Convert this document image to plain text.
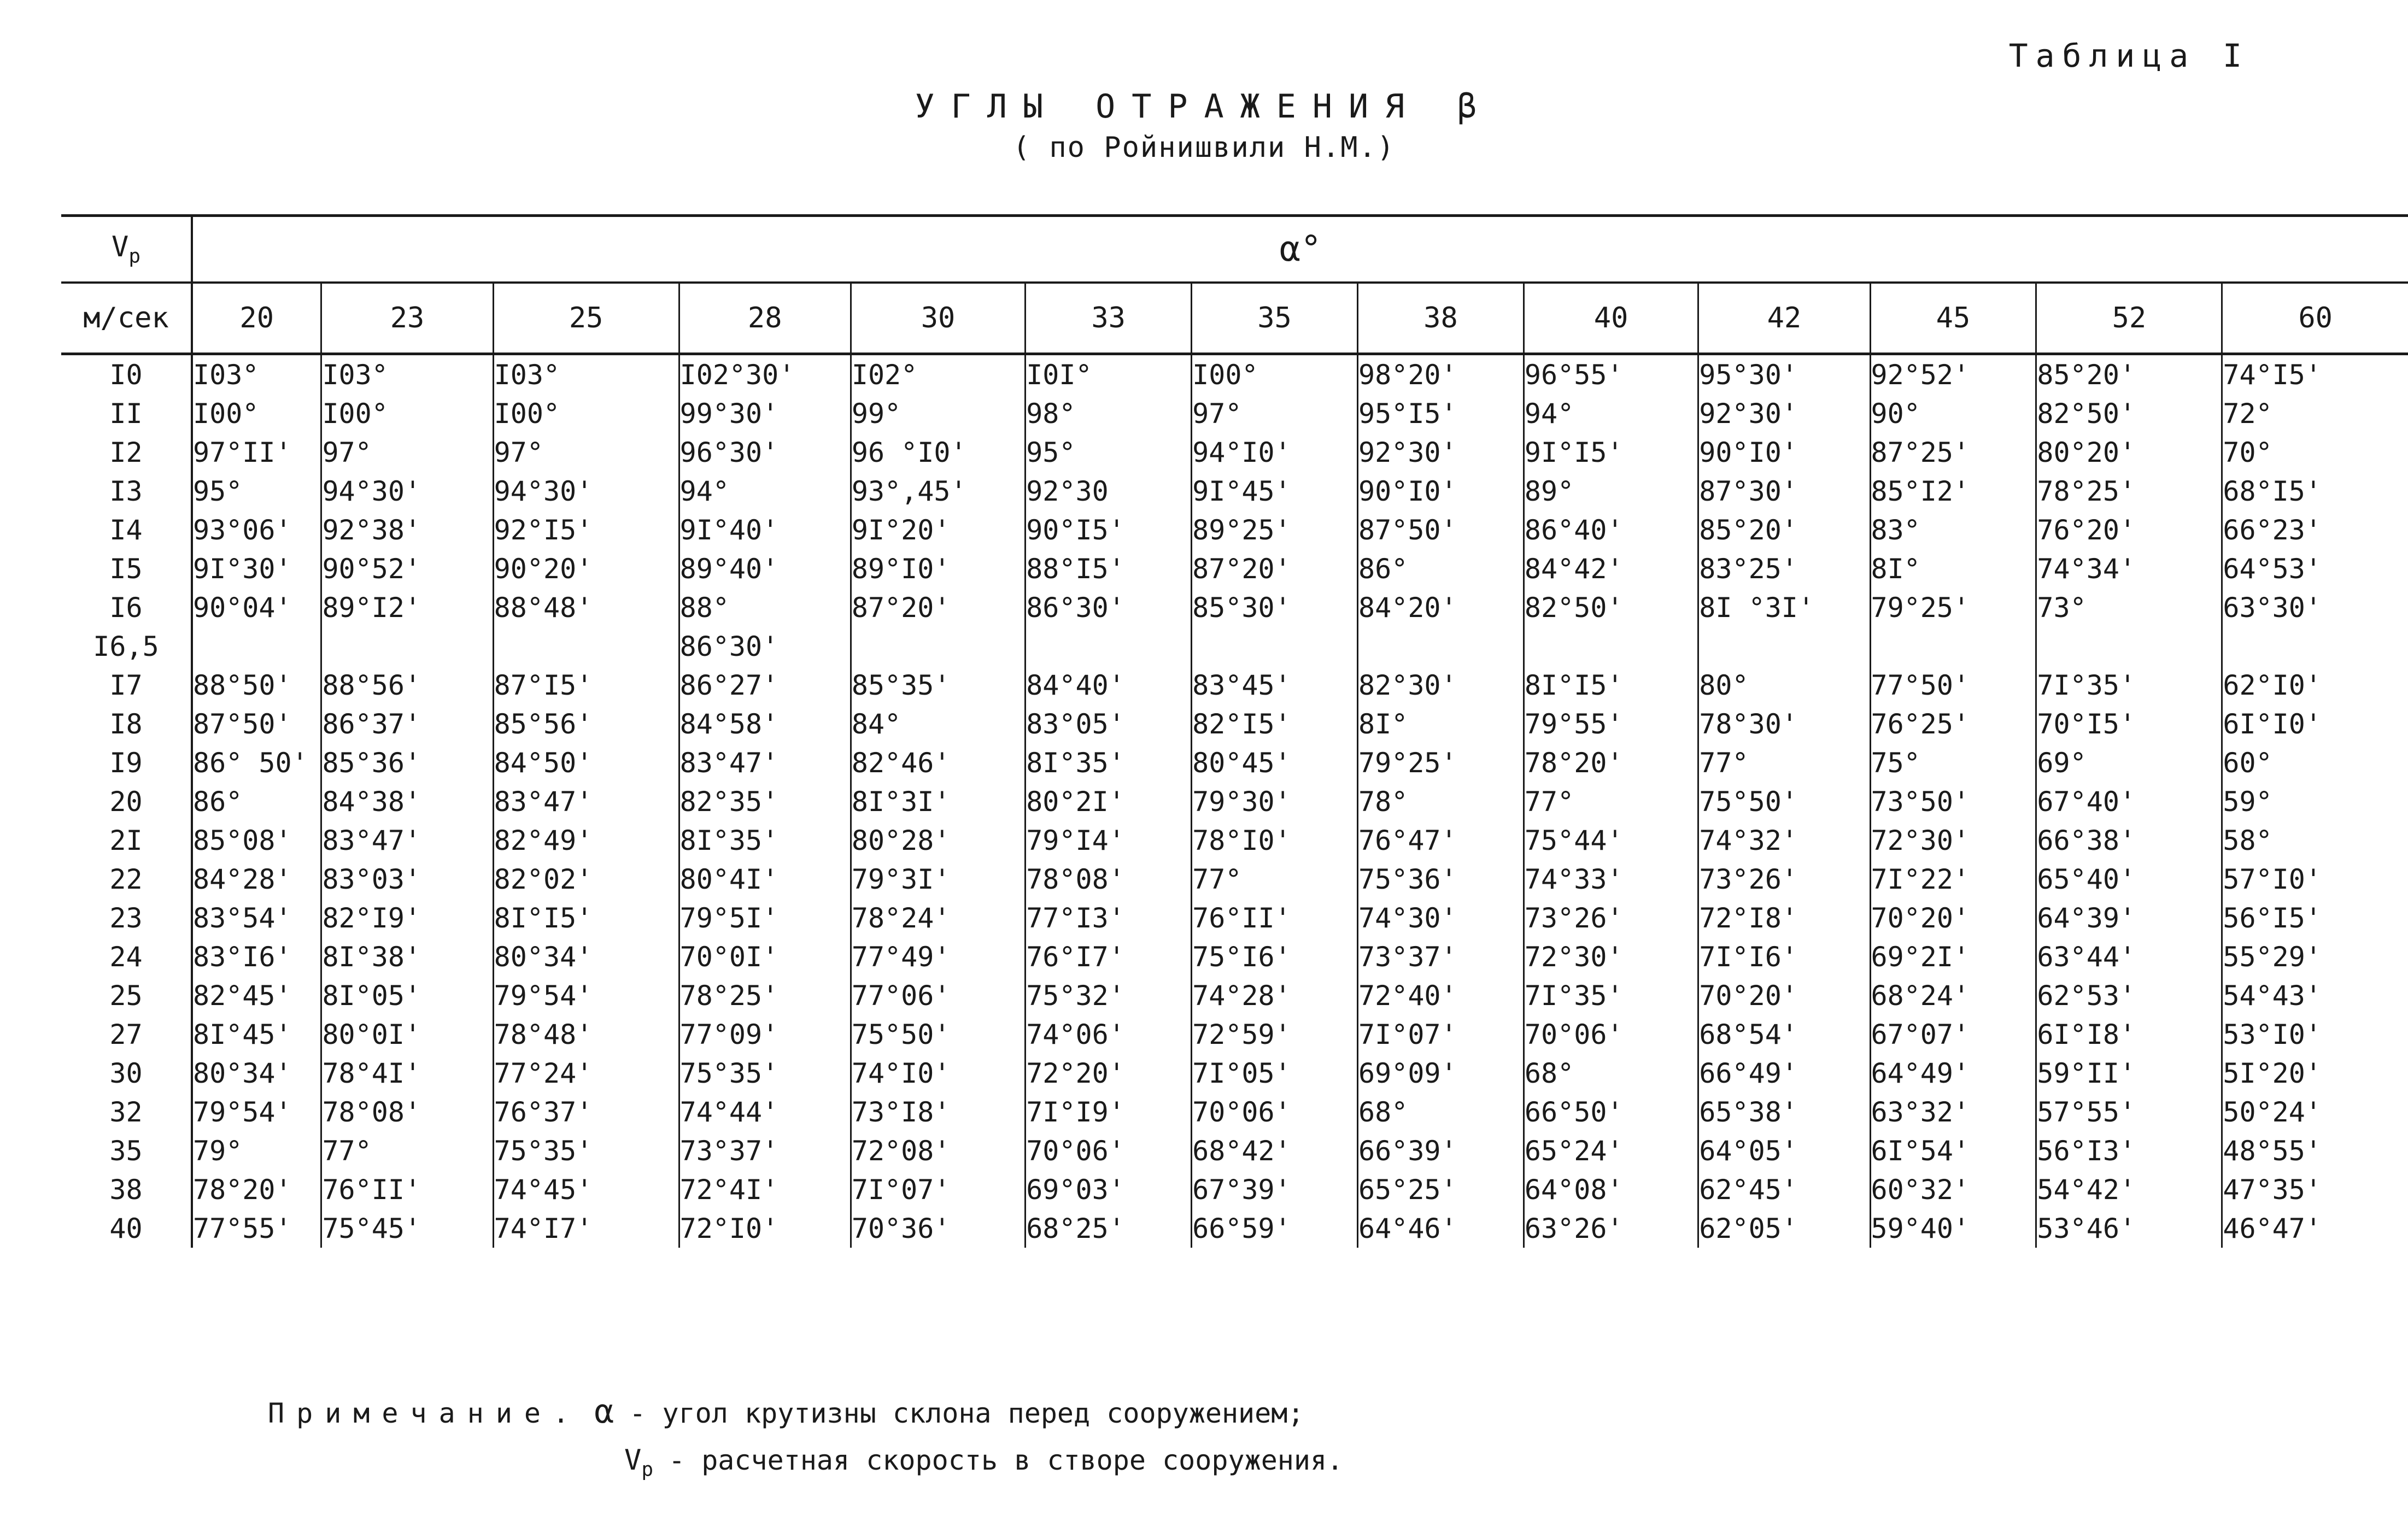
Таблица I
УГЛЫ ОТРАЖЕНИЯ β
( по Ройнишвили Н.М.)
$V_p$	α°												
м/сек	20	23	25	28	30	33	35	38	40	42	45	52	60
I0	I03°	I03°	I03°	I02°30'	I02°	I0I°	I00°	98°20'	96°55'	95°30'	92°52'	85°20'	74°I5'
II	I00°	I00°	I00°	99°30'	99°	98°	97°	95°I5'	94°	92°30'	90°	82°50'	72°
I2	97°II'	97°	97°	96°30'	96 °I0'	95°	94°I0'	92°30'	9I°I5'	90°I0'	87°25'	80°20'	70°
I3	95°	94°30'	94°30'	94°	93°,45'	92°30	9I°45'	90°I0'	89°	87°30'	85°I2'	78°25'	68°I5'
I4	93°06'	92°38'	92°I5'	9I°40'	9I°20'	90°I5'	89°25'	87°50'	86°40'	85°20'	83°	76°20'	66°23'
I5	9I°30'	90°52'	90°20'	89°40'	89°I0'	88°I5'	87°20'	86°	84°42'	83°25'	8I°	74°34'	64°53'
I6	90°04'	89°I2'	88°48'	88°	87°20'	86°30'	85°30'	84°20'	82°50'	8I °3I'	79°25'	73°	63°30'
I6,5				86°30'									
I7	88°50'	88°56'	87°I5'	86°27'	85°35'	84°40'	83°45'	82°30'	8I°I5'	80°	77°50'	7I°35'	62°I0'
I8	87°50'	86°37'	85°56'	84°58'	84°	83°05'	82°I5'	8I°	79°55'	78°30'	76°25'	70°I5'	6I°I0'
I9	86° 50'	85°36'	84°50'	83°47'	82°46'	8I°35'	80°45'	79°25'	78°20'	77°	75°	69°	60°
20	86°	84°38'	83°47'	82°35'	8I°3I'	80°2I'	79°30'	78°	77°	75°50'	73°50'	67°40'	59°
2I	85°08'	83°47'	82°49'	8I°35'	80°28'	79°I4'	78°I0'	76°47'	75°44'	74°32'	72°30'	66°38'	58°
22	84°28'	83°03'	82°02'	80°4I'	79°3I'	78°08'	77°	75°36'	74°33'	73°26'	7I°22'	65°40'	57°I0'
23	83°54'	82°I9'	8I°I5'	79°5I'	78°24'	77°I3'	76°II'	74°30'	73°26'	72°I8'	70°20'	64°39'	56°I5'
24	83°I6'	8I°38'	80°34'	70°0I'	77°49'	76°I7'	75°I6'	73°37'	72°30'	7I°I6'	69°2I'	63°44'	55°29'
25	82°45'	8I°05'	79°54'	78°25'	77°06'	75°32'	74°28'	72°40'	7I°35'	70°20'	68°24'	62°53'	54°43'
27	8I°45'	80°0I'	78°48'	77°09'	75°50'	74°06'	72°59'	7I°07'	70°06'	68°54'	67°07'	6I°I8'	53°I0'
30	80°34'	78°4I'	77°24'	75°35'	74°I0'	72°20'	7I°05'	69°09'	68°	66°49'	64°49'	59°II'	5I°20'
32	79°54'	78°08'	76°37'	74°44'	73°I8'	7I°I9'	70°06'	68°	66°50'	65°38'	63°32'	57°55'	50°24'
35	79°	77°	75°35'	73°37'	72°08'	70°06'	68°42'	66°39'	65°24'	64°05'	6I°54'	56°I3'	48°55'
38	78°20'	76°II'	74°45'	72°4I'	7I°07'	69°03'	67°39'	65°25'	64°08'	62°45'	60°32'	54°42'	47°35'
40	77°55'	75°45'	74°I7'	72°I0'	70°36'	68°25'	66°59'	64°46'	63°26'	62°05'	59°40'	53°46'	46°47'
Примечание. α - угол крутизны склона перед сооружением;
$V_p$ - расчетная скорость в створе сооружения.
